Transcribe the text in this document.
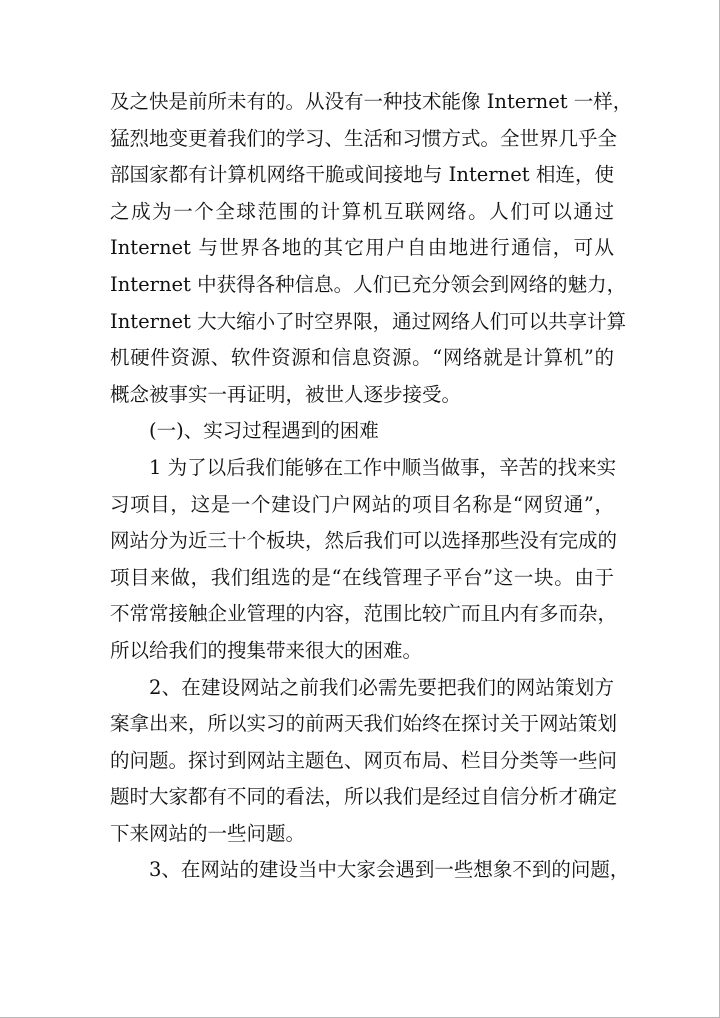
及之快是前所未有的。从没有一种技术能像 Internet 一样，
猛烈地变更着我们的学习、生活和习惯方式。全世界几乎全
部国家都有计算机网络干脆或间接地与 Internet 相连，使
之成为一个全球范围的计算机互联网络。人们可以通过
Internet 与世界各地的其它用户自由地进行通信，可从
Internet 中获得各种信息。人们已充分领会到网络的魅力，
Internet 大大缩小了时空界限，通过网络人们可以共享计算
机硬件资源、软件资源和信息资源。“网络就是计算机”的
概念被事实一再证明，被世人逐步接受。
(一)、实习过程遇到的困难
1 为了以后我们能够在工作中顺当做事，辛苦的找来实
习项目，这是一个建设门户网站的项目名称是“网贸通”，
网站分为近三十个板块，然后我们可以选择那些没有完成的
项目来做，我们组选的是“在线管理子平台”这一块。由于
不常常接触企业管理的内容，范围比较广而且内有多而杂，
所以给我们的搜集带来很大的困难。
2、在建设网站之前我们必需先要把我们的网站策划方
案拿出来，所以实习的前两天我们始终在探讨关于网站策划
的问题。探讨到网站主题色、网页布局、栏目分类等一些问
题时大家都有不同的看法，所以我们是经过自信分析才确定
下来网站的一些问题。
3、在网站的建设当中大家会遇到一些想象不到的问题，
